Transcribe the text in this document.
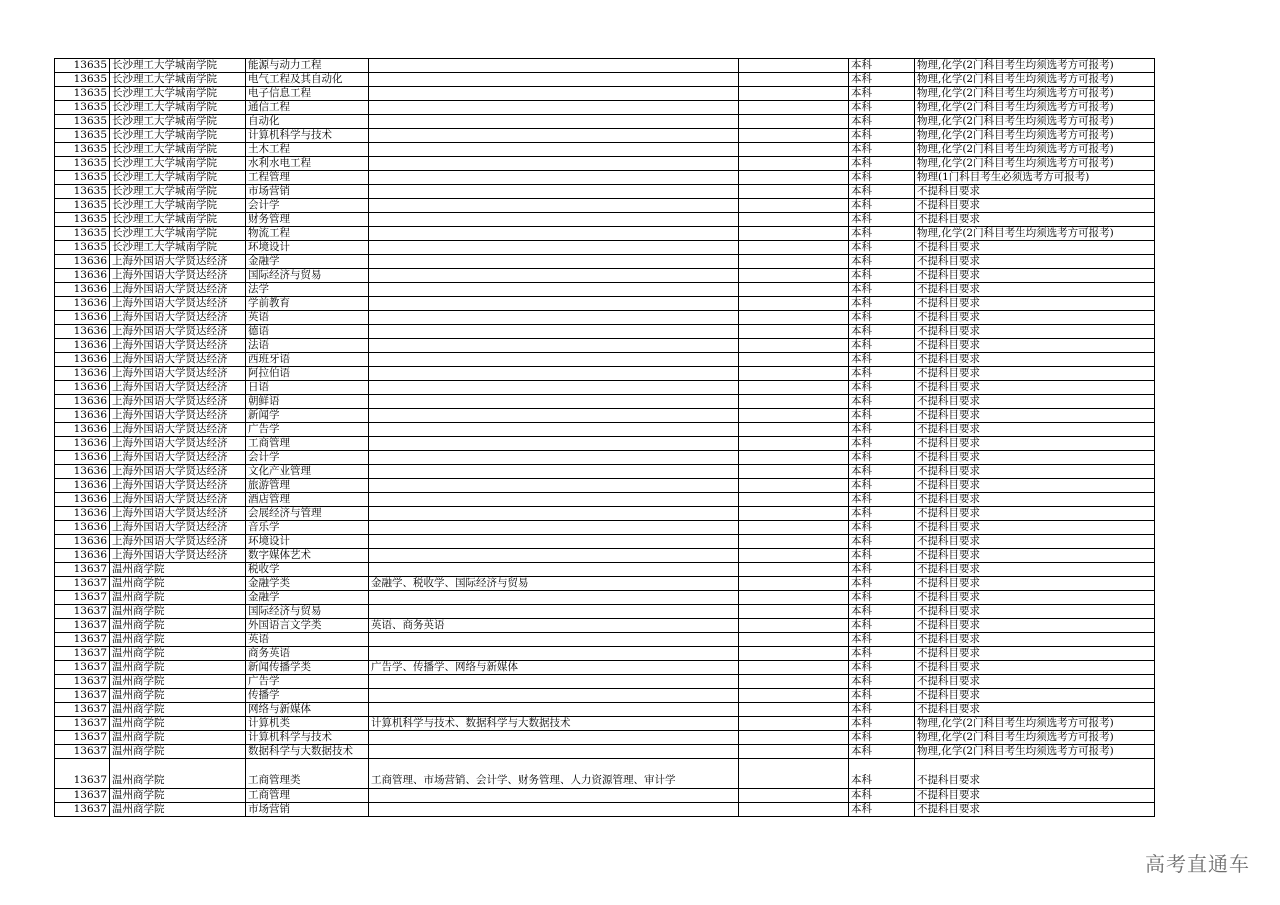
13635	长沙理工大学城南学院	能源与动力工程			本科	物理,化学(2门科目考生均须选考方可报考)
13635	长沙理工大学城南学院	电气工程及其自动化			本科	物理,化学(2门科目考生均须选考方可报考)
13635	长沙理工大学城南学院	电子信息工程			本科	物理,化学(2门科目考生均须选考方可报考)
13635	长沙理工大学城南学院	通信工程			本科	物理,化学(2门科目考生均须选考方可报考)
13635	长沙理工大学城南学院	自动化			本科	物理,化学(2门科目考生均须选考方可报考)
13635	长沙理工大学城南学院	计算机科学与技术			本科	物理,化学(2门科目考生均须选考方可报考)
13635	长沙理工大学城南学院	土木工程			本科	物理,化学(2门科目考生均须选考方可报考)
13635	长沙理工大学城南学院	水利水电工程			本科	物理,化学(2门科目考生均须选考方可报考)
13635	长沙理工大学城南学院	工程管理			本科	物理(1门科目考生必须选考方可报考)
13635	长沙理工大学城南学院	市场营销			本科	不提科目要求
13635	长沙理工大学城南学院	会计学			本科	不提科目要求
13635	长沙理工大学城南学院	财务管理			本科	不提科目要求
13635	长沙理工大学城南学院	物流工程			本科	物理,化学(2门科目考生均须选考方可报考)
13635	长沙理工大学城南学院	环境设计			本科	不提科目要求
13636	上海外国语大学贤达经济	金融学			本科	不提科目要求
13636	上海外国语大学贤达经济	国际经济与贸易			本科	不提科目要求
13636	上海外国语大学贤达经济	法学			本科	不提科目要求
13636	上海外国语大学贤达经济	学前教育			本科	不提科目要求
13636	上海外国语大学贤达经济	英语			本科	不提科目要求
13636	上海外国语大学贤达经济	德语			本科	不提科目要求
13636	上海外国语大学贤达经济	法语			本科	不提科目要求
13636	上海外国语大学贤达经济	西班牙语			本科	不提科目要求
13636	上海外国语大学贤达经济	阿拉伯语			本科	不提科目要求
13636	上海外国语大学贤达经济	日语			本科	不提科目要求
13636	上海外国语大学贤达经济	朝鲜语			本科	不提科目要求
13636	上海外国语大学贤达经济	新闻学			本科	不提科目要求
13636	上海外国语大学贤达经济	广告学			本科	不提科目要求
13636	上海外国语大学贤达经济	工商管理			本科	不提科目要求
13636	上海外国语大学贤达经济	会计学			本科	不提科目要求
13636	上海外国语大学贤达经济	文化产业管理			本科	不提科目要求
13636	上海外国语大学贤达经济	旅游管理			本科	不提科目要求
13636	上海外国语大学贤达经济	酒店管理			本科	不提科目要求
13636	上海外国语大学贤达经济	会展经济与管理			本科	不提科目要求
13636	上海外国语大学贤达经济	音乐学			本科	不提科目要求
13636	上海外国语大学贤达经济	环境设计			本科	不提科目要求
13636	上海外国语大学贤达经济	数字媒体艺术			本科	不提科目要求
13637	温州商学院	税收学			本科	不提科目要求
13637	温州商学院	金融学类	金融学、税收学、国际经济与贸易		本科	不提科目要求
13637	温州商学院	金融学			本科	不提科目要求
13637	温州商学院	国际经济与贸易			本科	不提科目要求
13637	温州商学院	外国语言文学类	英语、商务英语		本科	不提科目要求
13637	温州商学院	英语			本科	不提科目要求
13637	温州商学院	商务英语			本科	不提科目要求
13637	温州商学院	新闻传播学类	广告学、传播学、网络与新媒体		本科	不提科目要求
13637	温州商学院	广告学			本科	不提科目要求
13637	温州商学院	传播学			本科	不提科目要求
13637	温州商学院	网络与新媒体			本科	不提科目要求
13637	温州商学院	计算机类	计算机科学与技术、数据科学与大数据技术		本科	物理,化学(2门科目考生均须选考方可报考)
13637	温州商学院	计算机科学与技术			本科	物理,化学(2门科目考生均须选考方可报考)
13637	温州商学院	数据科学与大数据技术			本科	物理,化学(2门科目考生均须选考方可报考)
13637	温州商学院	工商管理类	工商管理、市场营销、会计学、财务管理、人力资源管理、审计学		本科	不提科目要求
13637	温州商学院	工商管理			本科	不提科目要求
13637	温州商学院	市场营销			本科	不提科目要求
高考直通车
